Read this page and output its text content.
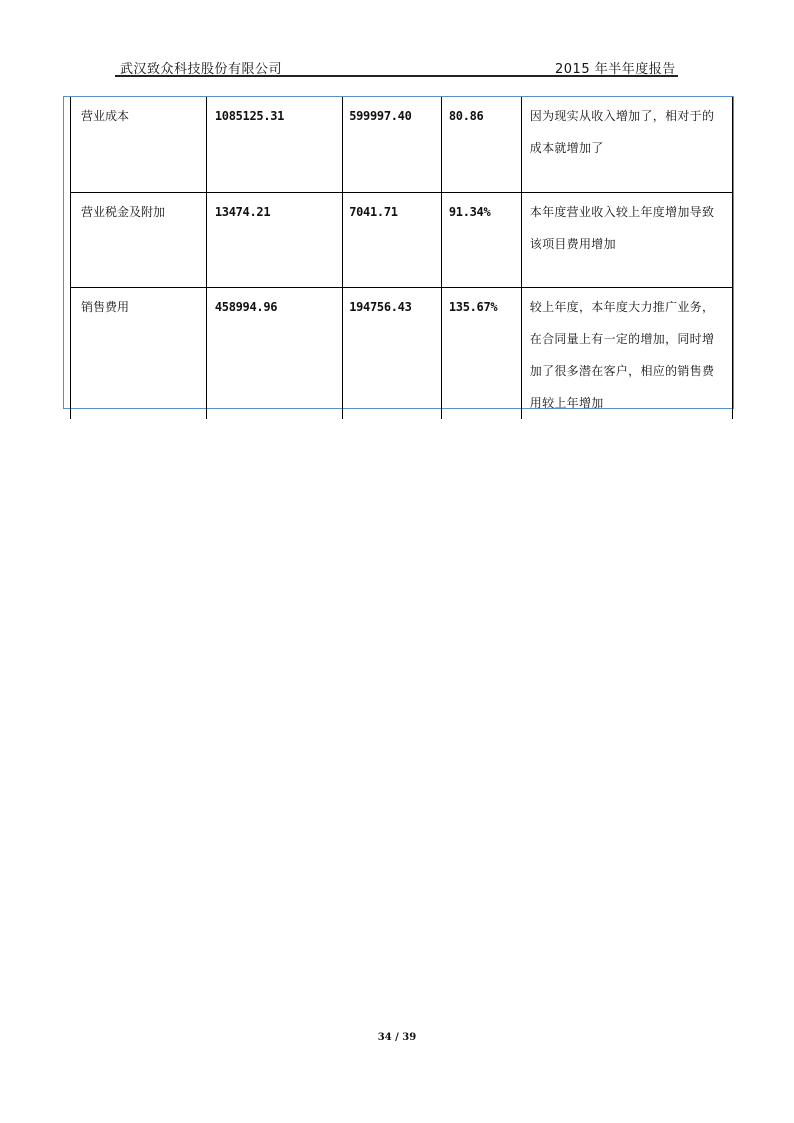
武汉致众科技股份有限公司	2015 年半年度报告
营业成本	1085125.31	599997.40	80.86	因为现实从收入增加了，相对于的成本就增加了
营业税金及附加	13474.21	7041.71	91.34%	本年度营业收入较上年度增加导致该项目费用增加
销售费用	458994.96	194756.43	135.67%	较上年度，本年度大力推广业务，在合同量上有一定的增加，同时增加了很多潜在客户，相应的销售费用较上年增加
34 / 39
